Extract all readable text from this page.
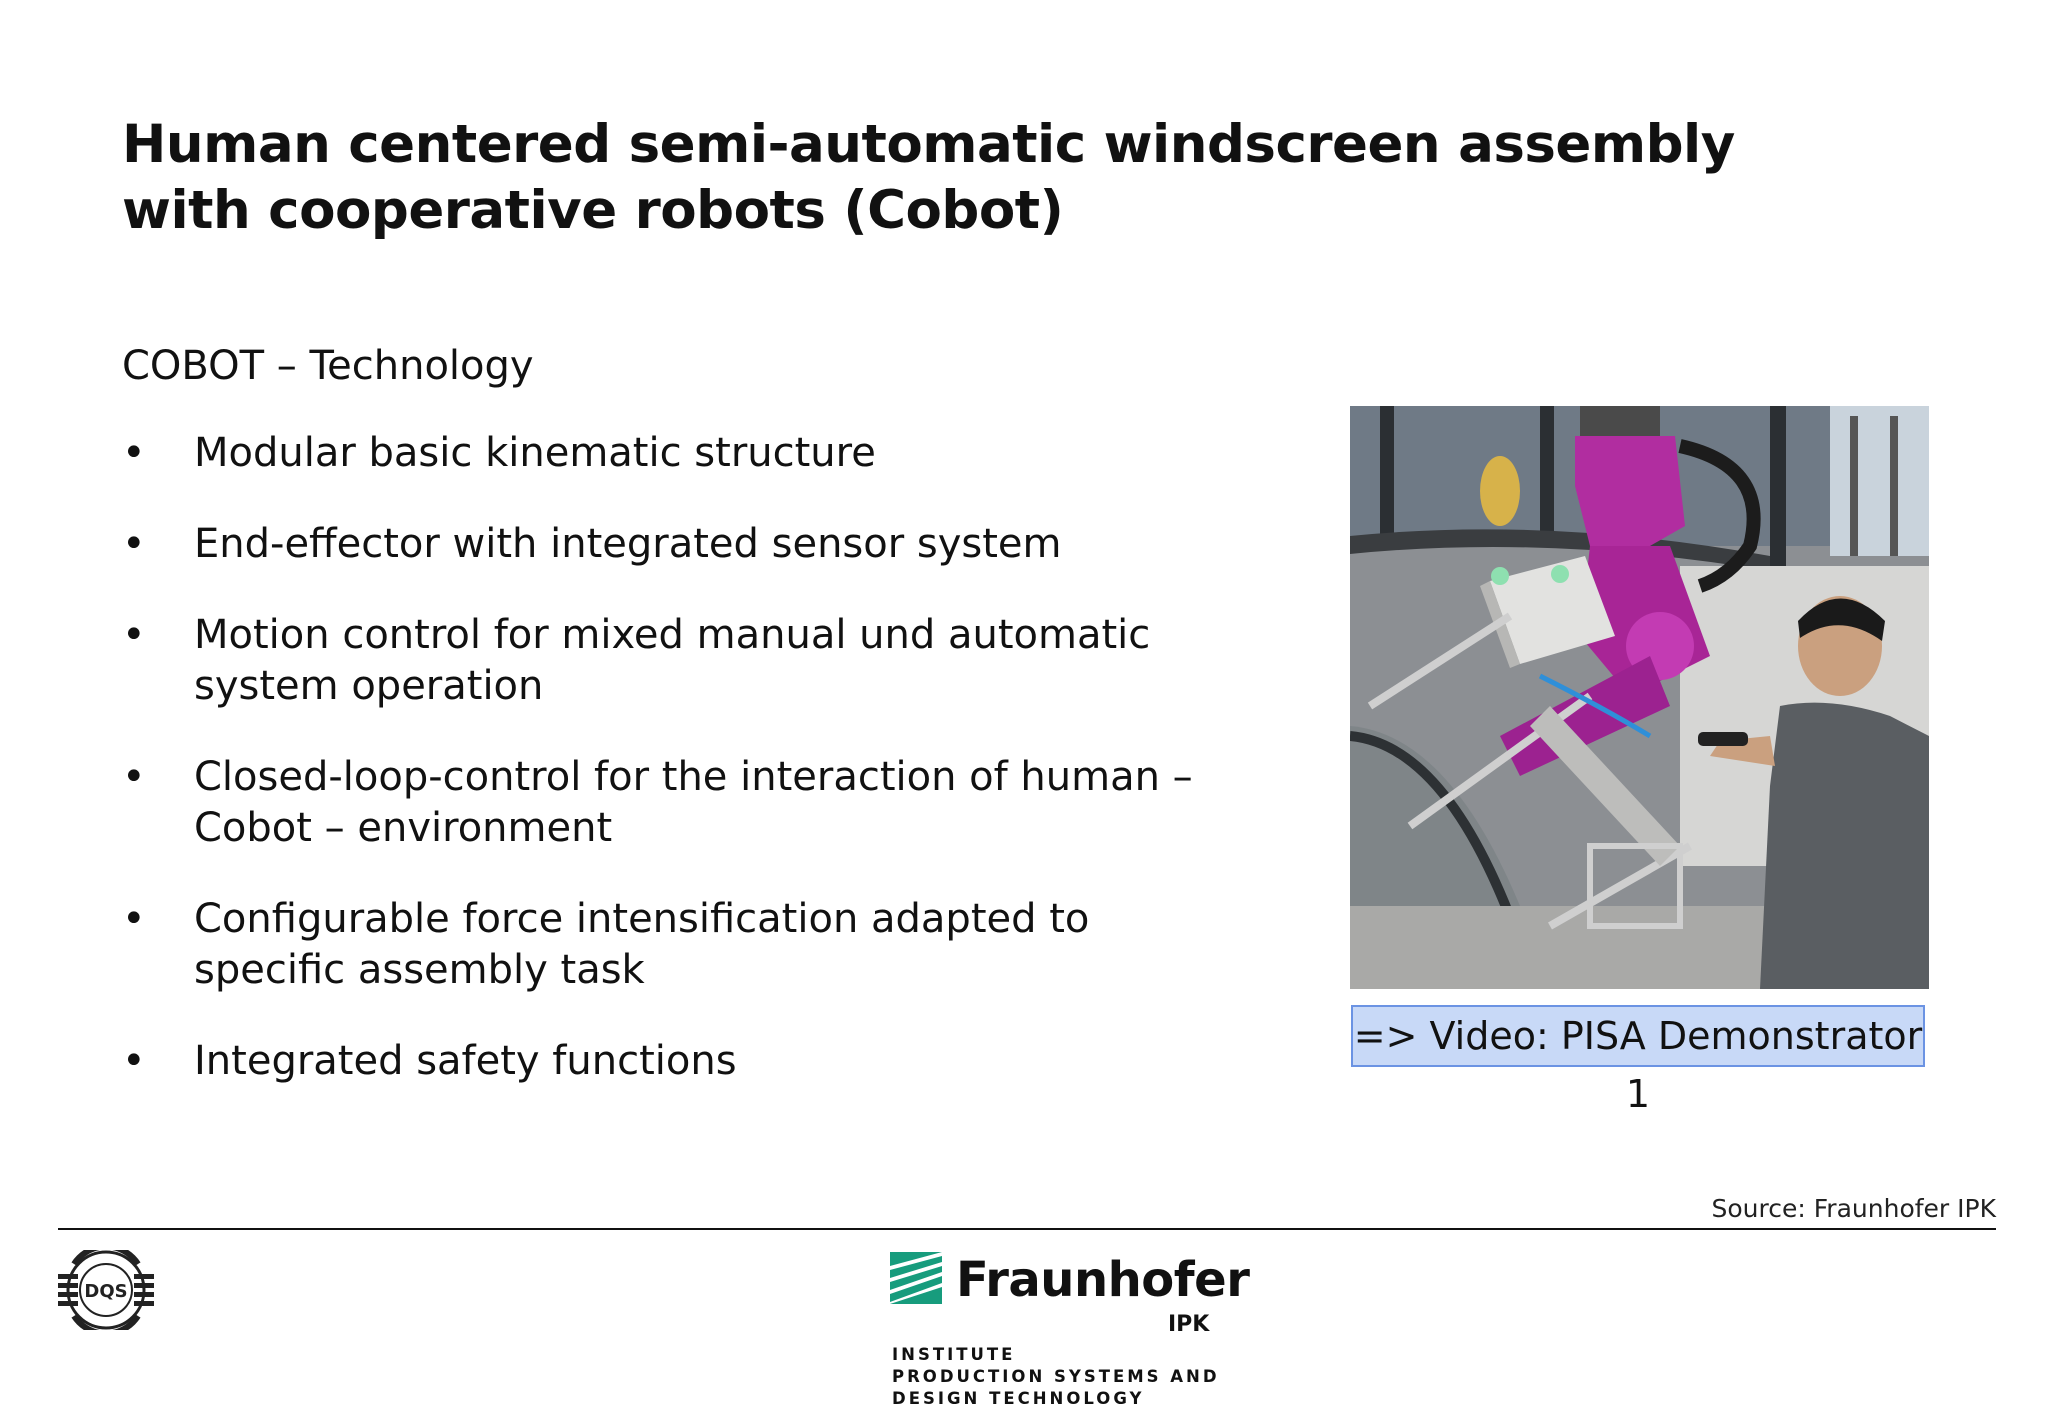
Human centered semi-automatic windscreen assembly with cooperative robots (Cobot)

COBOT – Technology

• Modular basic kinematic structure
• End-effector with integrated sensor system
• Motion control for mixed manual und automatic system operation
• Closed-loop-control for the interaction of human – Cobot – environment
• Configurable force intensification adapted to specific assembly task
• Integrated safety functions
=> Video: PISA Demonstrator 1
Source: Fraunhofer IPK
DQS	Fraunhofer
IPK
INSTITUTE
PRODUCTION SYSTEMS AND
DESIGN TECHNOLOGY
